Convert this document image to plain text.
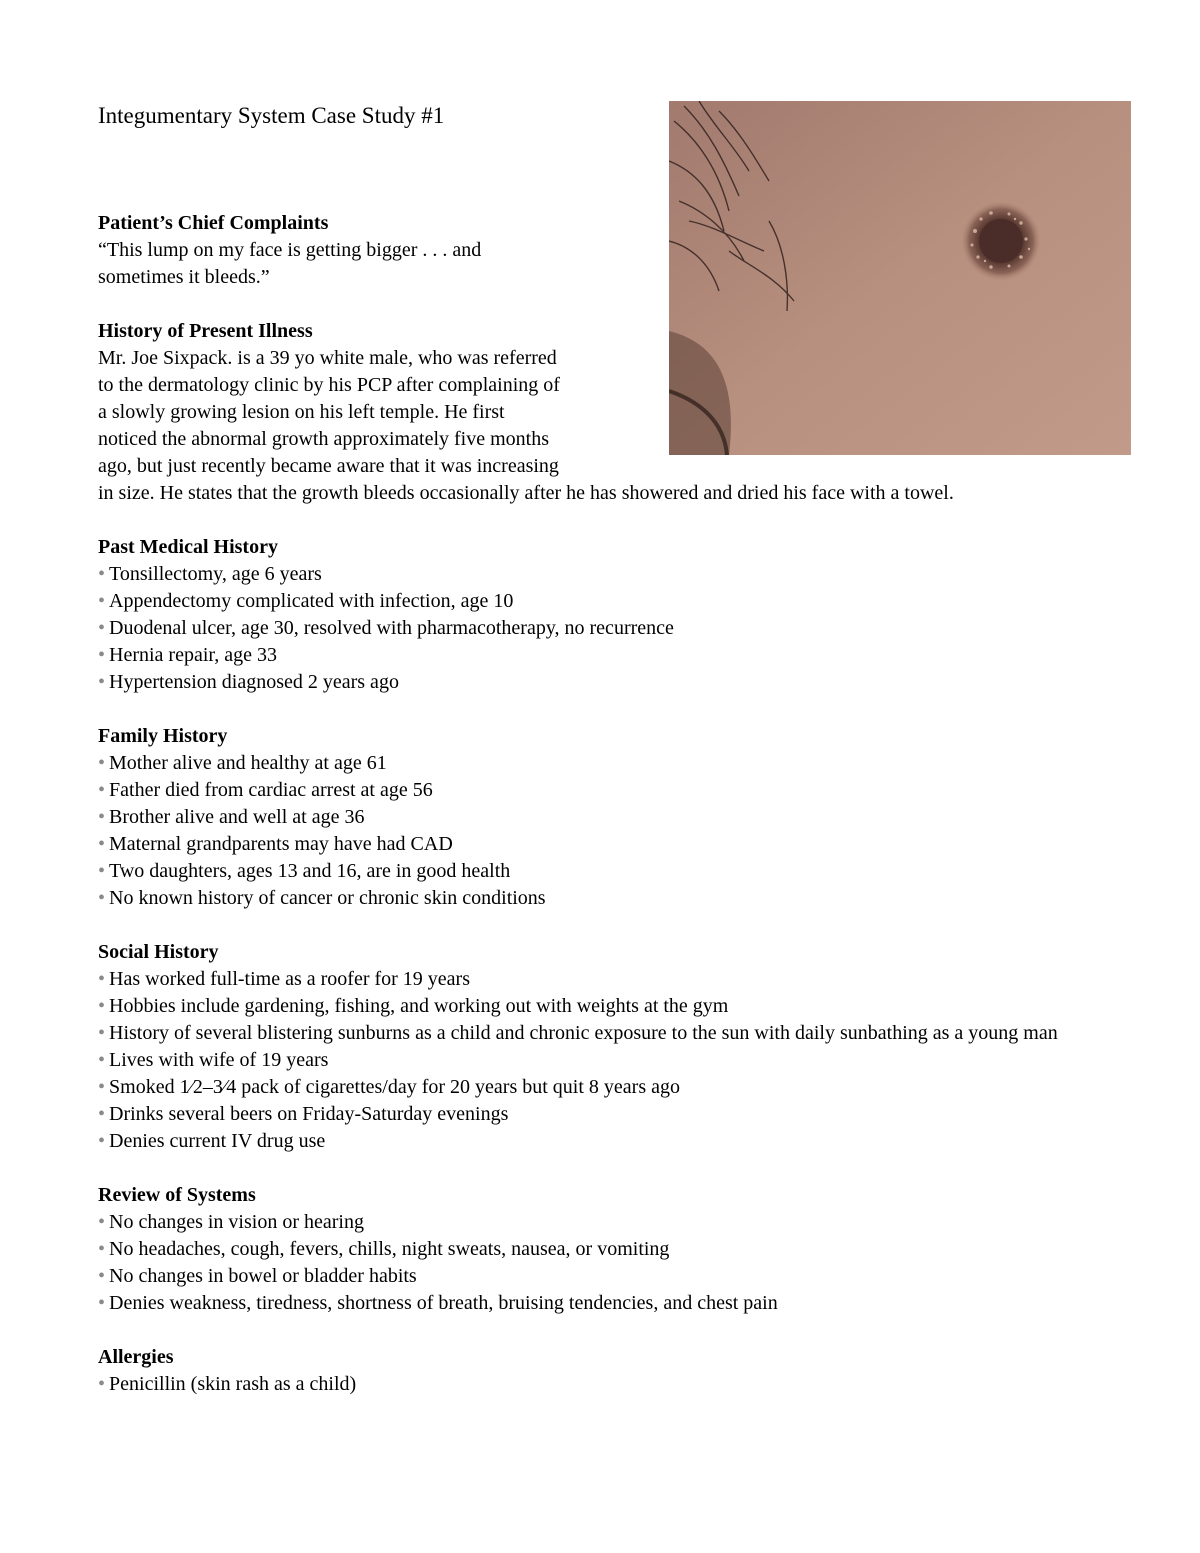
Integumentary System Case Study #1
Patient’s Chief Complaints

“This lump on my face is getting bigger . . . and sometimes it bleeds.”

History of Present Illness

Mr. Joe Sixpack. is a 39 yo white male, who was referred
to the dermatology clinic by his PCP after complaining of
a slowly growing lesion on his left temple. He first
noticed the abnormal growth approximately five months
ago, but just recently became aware that it was increasing
in size. He states that the growth bleeds occasionally after he has showered and dried his face with a towel.

Past Medical History
• Tonsillectomy, age 6 years
• Appendectomy complicated with infection, age 10
• Duodenal ulcer, age 30, resolved with pharmacotherapy, no recurrence
• Hernia repair, age 33
• Hypertension diagnosed 2 years ago
Family History
• Mother alive and healthy at age 61
• Father died from cardiac arrest at age 56
• Brother alive and well at age 36
• Maternal grandparents may have had CAD
• Two daughters, ages 13 and 16, are in good health
• No known history of cancer or chronic skin conditions
Social History
• Has worked full-time as a roofer for 19 years
• Hobbies include gardening, fishing, and working out with weights at the gym
• History of several blistering sunburns as a child and chronic exposure to the sun with daily sunbathing as a young man
• Lives with wife of 19 years
• Smoked 1⁄2–3⁄4 pack of cigarettes/day for 20 years but quit 8 years ago
• Drinks several beers on Friday-Saturday evenings
• Denies current IV drug use
Review of Systems
• No changes in vision or hearing
• No headaches, cough, fevers, chills, night sweats, nausea, or vomiting
• No changes in bowel or bladder habits
• Denies weakness, tiredness, shortness of breath, bruising tendencies, and chest pain
Allergies
• Penicillin (skin rash as a child)
